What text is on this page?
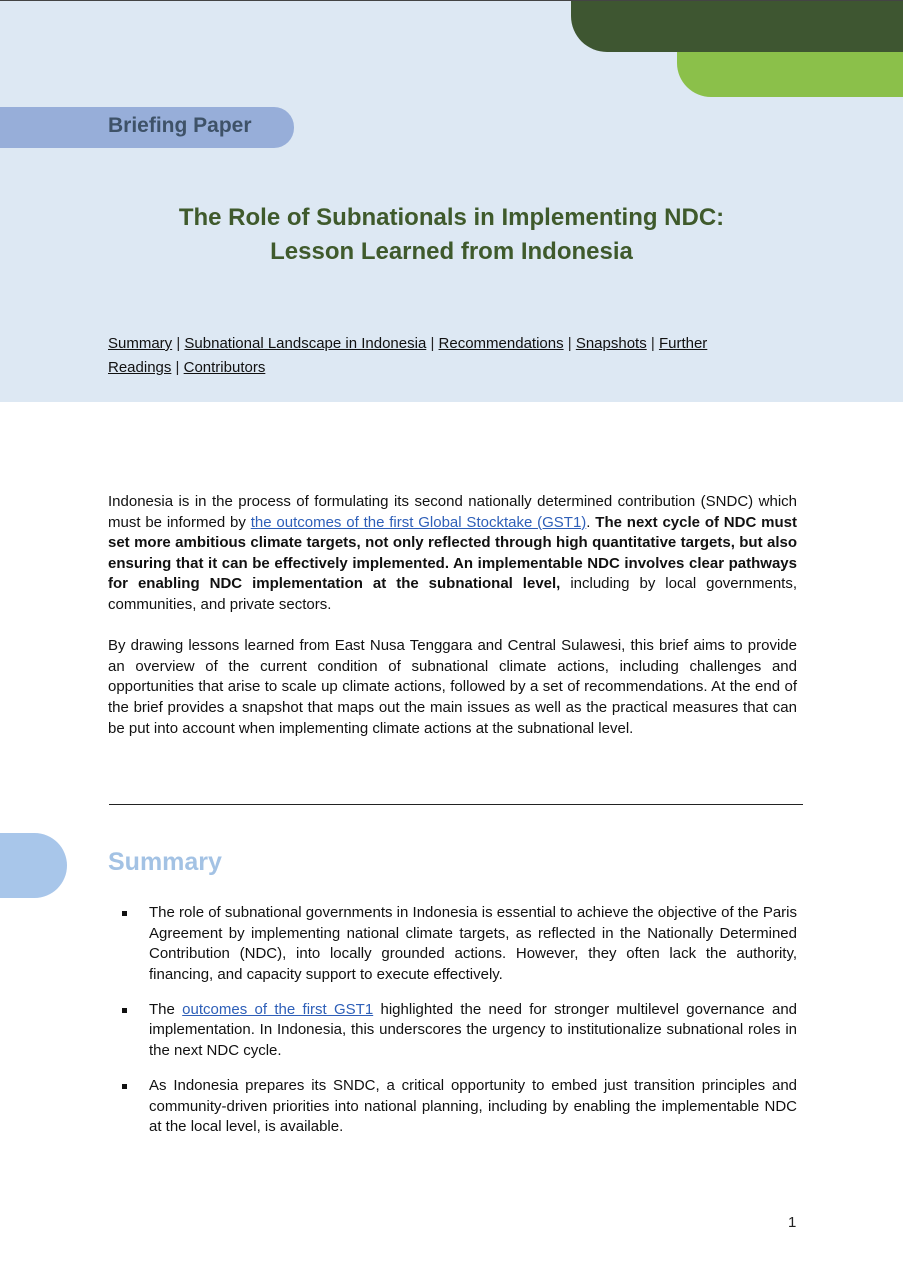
Briefing Paper
The Role of Subnationals in Implementing NDC:
Lesson Learned from Indonesia
Summary | Subnational Landscape in Indonesia | Recommendations | Snapshots | Further
Readings | Contributors

Indonesia is in the process of formulating its second nationally determined contribution (SNDC) which must be informed by the outcomes of the first Global Stocktake (GST1). The next cycle of NDC must set more ambitious climate targets, not only reflected through high quantitative targets, but also ensuring that it can be effectively implemented. An implementable NDC involves clear pathways for enabling NDC implementation at the subnational level, including by local governments, communities, and private sectors.

By drawing lessons learned from East Nusa Tenggara and Central Sulawesi, this brief aims to provide an overview of the current condition of subnational climate actions, including challenges and opportunities that arise to scale up climate actions, followed by a set of recommendations. At the end of the brief provides a snapshot that maps out the main issues as well as the practical measures that can be put into account when implementing climate actions at the subnational level.

Summary
The role of subnational governments in Indonesia is essential to achieve the objective of the Paris Agreement by implementing national climate targets, as reflected in the Nationally Determined Contribution (NDC), into locally grounded actions. However, they often lack the authority, financing, and capacity support to execute effectively.
The outcomes of the first GST1 highlighted the need for stronger multilevel governance and implementation. In Indonesia, this underscores the urgency to institutionalize subnational roles in the next NDC cycle.
As Indonesia prepares its SNDC, a critical opportunity to embed just transition principles and community-driven priorities into national planning, including by enabling the implementable NDC at the local level, is available.
1
